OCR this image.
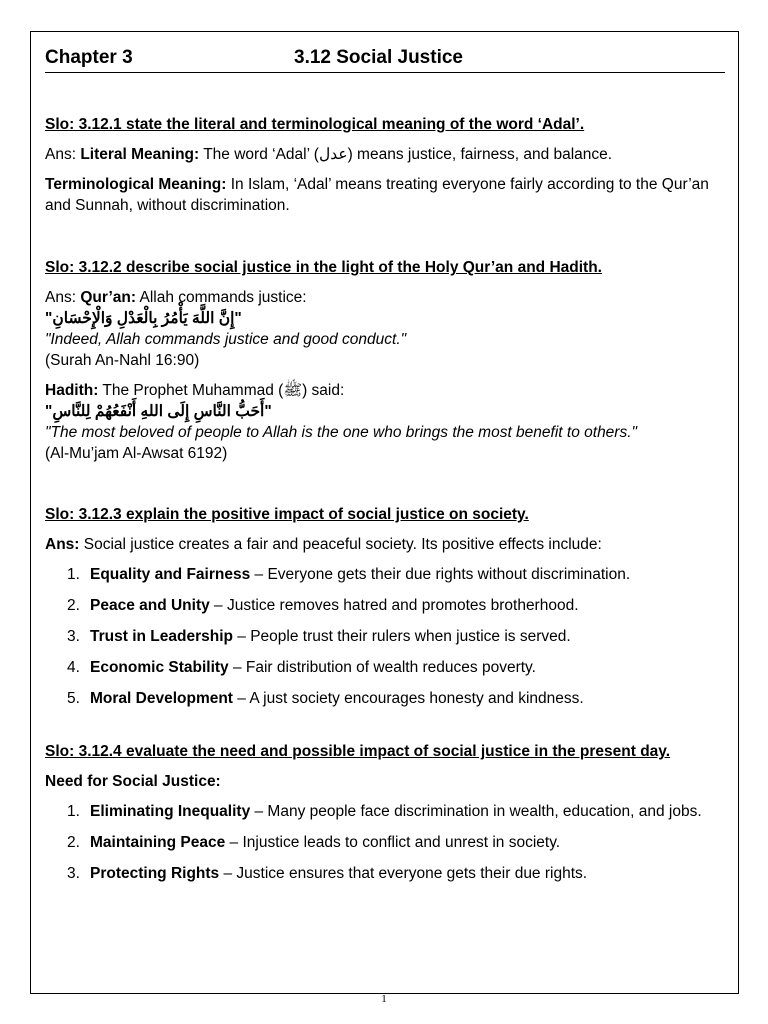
Chapter 3	3.12 Social Justice
Slo: 3.12.1 state the literal and terminological meaning of the word ‘Adal’.
Ans: Literal Meaning: The word ‘Adal’ (عدل) means justice, fairness, and balance.
Terminological Meaning: In Islam, ‘Adal’ means treating everyone fairly according to the Qur’an and Sunnah, without discrimination.
Slo: 3.12.2 describe social justice in the light of the Holy Qur’an and Hadith.
Ans: Qur’an: Allah commands justice:
"إِنَّ اللَّهَ يَأْمُرُ بِالْعَدْلِ وَالْإِحْسَانِ"
"Indeed, Allah commands justice and good conduct."
(Surah An-Nahl 16:90)
Hadith: The Prophet Muhammad (ﷺ) said:
"أَحَبُّ النَّاسِ إِلَى اللهِ أَنْفَعُهُمْ لِلنَّاسِ"
"The most beloved of people to Allah is the one who brings the most benefit to others."
(Al-Mu’jam Al-Awsat 6192)
Slo: 3.12.3 explain the positive impact of social justice on society.
Ans: Social justice creates a fair and peaceful society. Its positive effects include:
1. Equality and Fairness – Everyone gets their due rights without discrimination.
2. Peace and Unity – Justice removes hatred and promotes brotherhood.
3. Trust in Leadership – People trust their rulers when justice is served.
4. Economic Stability – Fair distribution of wealth reduces poverty.
5. Moral Development – A just society encourages honesty and kindness.
Slo: 3.12.4 evaluate the need and possible impact of social justice in the present day.
Need for Social Justice:
1. Eliminating Inequality – Many people face discrimination in wealth, education, and jobs.
2. Maintaining Peace – Injustice leads to conflict and unrest in society.
3. Protecting Rights – Justice ensures that everyone gets their due rights.
1
